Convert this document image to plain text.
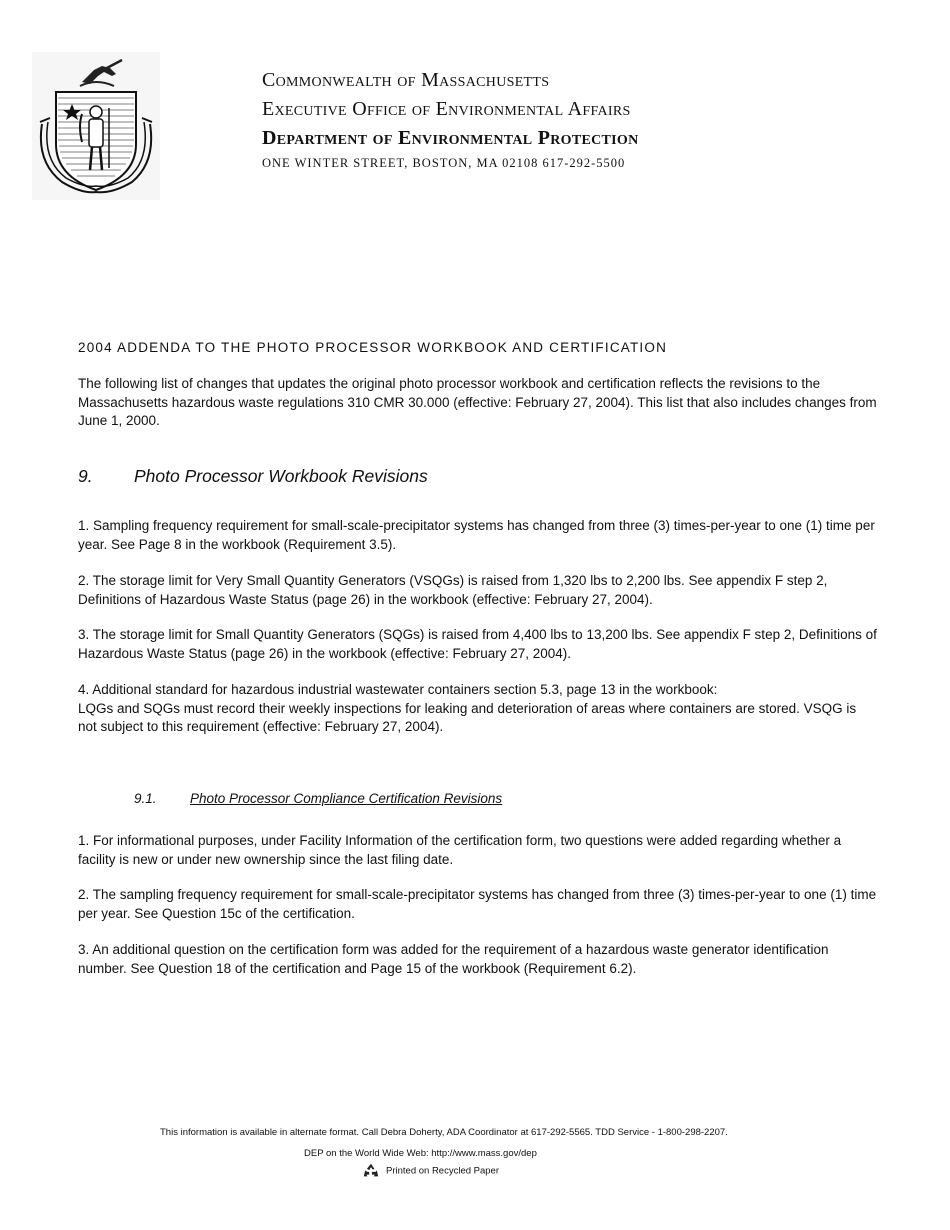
Commonwealth of Massachusetts
Executive Office of Environmental Affairs
Department of Environmental Protection
ONE WINTER STREET, BOSTON, MA 02108 617-292-5500
2004 ADDENDA TO THE PHOTO PROCESSOR WORKBOOK AND CERTIFICATION
The following list of changes that updates the original photo processor workbook and certification reflects the revisions to the Massachusetts hazardous waste regulations 310 CMR 30.000 (effective: February 27, 2004). This list that also includes changes from June 1, 2000.
9. Photo Processor Workbook Revisions
1. Sampling frequency requirement for small-scale-precipitator systems has changed from three (3) times-per-year to one (1) time per year. See Page 8 in the workbook (Requirement 3.5).
2. The storage limit for Very Small Quantity Generators (VSQGs) is raised from 1,320 lbs to 2,200 lbs. See appendix F step 2, Definitions of Hazardous Waste Status (page 26) in the workbook (effective: February 27, 2004).
3. The storage limit for Small Quantity Generators (SQGs) is raised from 4,400 lbs to 13,200 lbs. See appendix F step 2, Definitions of Hazardous Waste Status (page 26) in the workbook (effective: February 27, 2004).
4. Additional standard for hazardous industrial wastewater containers section 5.3, page 13 in the workbook:
LQGs and SQGs must record their weekly inspections for leaking and deterioration of areas where containers are stored. VSQG is not subject to this requirement (effective: February 27, 2004).
9.1. Photo Processor Compliance Certification Revisions
1. For informational purposes, under Facility Information of the certification form, two questions were added regarding whether a facility is new or under new ownership since the last filing date.
2. The sampling frequency requirement for small-scale-precipitator systems has changed from three (3) times-per-year to one (1) time per year. See Question 15c of the certification.
3. An additional question on the certification form was added for the requirement of a hazardous waste generator identification number. See Question 18 of the certification and Page 15 of the workbook (Requirement 6.2).
This information is available in alternate format. Call Debra Doherty, ADA Coordinator at 617-292-5565. TDD Service - 1-800-298-2207.
DEP on the World Wide Web: http://www.mass.gov/dep
Printed on Recycled Paper
